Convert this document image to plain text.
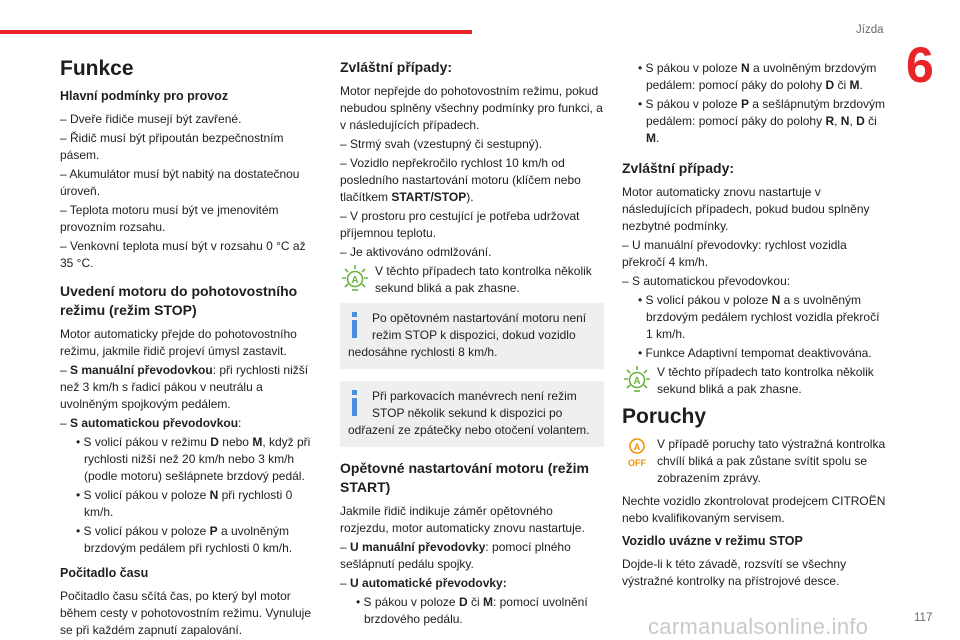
Jízda
6
Funkce
Hlavní podmínky pro provoz

– Dveře řidiče musejí být zavřené.

– Řidič musí být připoután bezpečnostním pásem.

– Akumulátor musí být nabitý na dostatečnou úroveň.

– Teplota motoru musí být ve jmenovitém provozním rozsahu.

– Venkovní teplota musí být v rozsahu 0 °C až 35 °C.

Uvedení motoru do pohotovostního režimu (režim STOP)

Motor automaticky přejde do pohotovostního režimu, jakmile řidič projeví úmysl zastavit.

– S manuální převodovkou: při rychlosti nižší než 3 km/h s řadicí pákou v neutrálu a uvolněným spojkovým pedálem.

– S automatickou převodovkou:

• S volicí pákou v režimu D nebo M, když při rychlosti nižší než 20 km/h nebo 3 km/h (podle motoru) sešlápnete brzdový pedál.

• S volicí pákou v poloze N při rychlosti 0 km/h.

• S volicí pákou v poloze P a uvolněným brzdovým pedálem při rychlosti 0 km/h.

Počitadlo času

Počitadlo času sčítá čas, po který byl motor během cesty v pohotovostním režimu. Vynuluje se při každém zapnutí zapalování.

Zvláštní případy:

Motor nepřejde do pohotovostním režimu, pokud nebudou splněny všechny podmínky pro funkci, a v následujících případech.

– Strmý svah (vzestupný či sestupný).

– Vozidlo nepřekročilo rychlost 10 km/h od posledního nastartování motoru (klíčem nebo tlačítkem START/STOP).

– V prostoru pro cestující je potřeba udržovat příjemnou teplotu.

– Je aktivováno odmlžování.

A
V těchto případech tato kontrolka několik sekund bliká a pak zhasne.
Po opětovném nastartování motoru není režim STOP k dispozici, dokud vozidlo nedosáhne rychlosti 8 km/h.
Při parkovacích manévrech není režim STOP několik sekund k dispozici po odřazení ze zpátečky nebo otočení volantem.
Opětovné nastartování motoru (režim START)

Jakmile řidič indikuje záměr opětovného rozjezdu, motor automaticky znovu nastartuje.

– U manuální převodovky: pomocí plného sešlápnutí pedálu spojky.

– U automatické převodovky:

• S pákou v poloze D či M: pomocí uvolnění brzdového pedálu.

• S pákou v poloze N a uvolněným brzdovým pedálem: pomocí páky do polohy D či M.

• S pákou v poloze P a sešlápnutým brzdovým pedálem: pomocí páky do polohy R, N, D či M.

Zvláštní případy:

Motor automaticky znovu nastartuje v následujících případech, pokud budou splněny nezbytné podmínky.

– U manuální převodovky: rychlost vozidla překročí 4 km/h.

– S automatickou převodovkou:

• S volicí pákou v poloze N a s uvolněným brzdovým pedálem rychlost vozidla překročí 1 km/h.

• Funkce Adaptivní tempomat deaktivována.

A
V těchto případech tato kontrolka několik sekund bliká a pak zhasne.
Poruchy
A
OFF
V případě poruchy tato výstražná kontrolka chvílí bliká a pak zůstane svítit spolu se zobrazením zprávy.

Nechte vozidlo zkontrolovat prodejcem CITROËN nebo kvalifikovaným servisem.

Vozidlo uvázne v režimu STOP

Dojde-li k této závadě, rozsvítí se všechny výstražné kontrolky na přístrojové desce.

carmanualsonline.info	117
